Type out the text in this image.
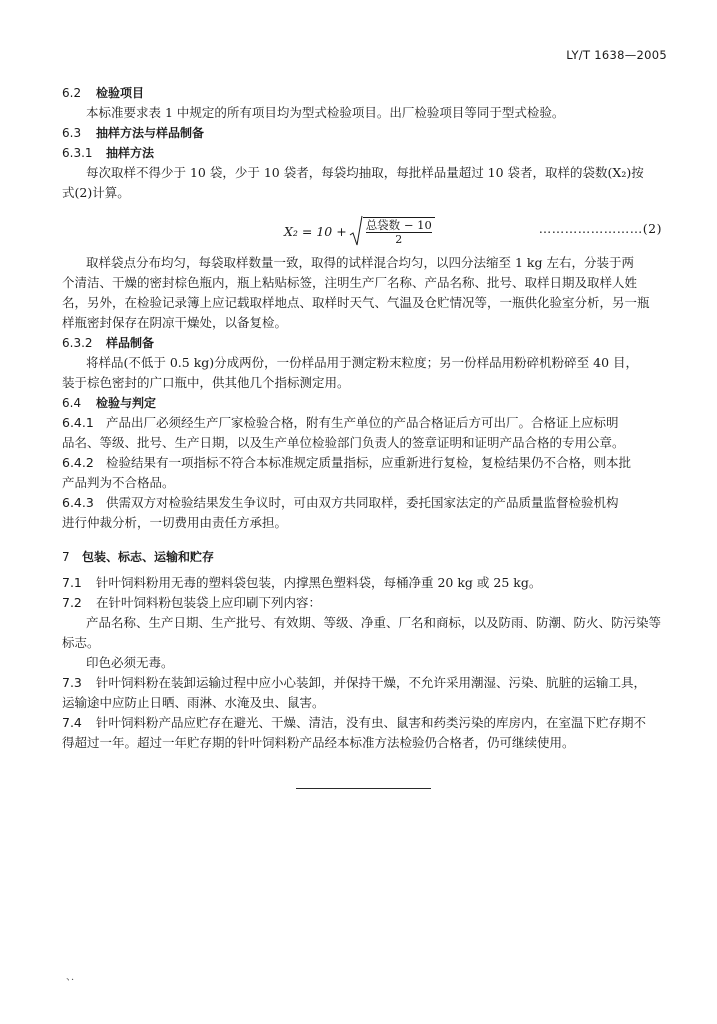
LY/T 1638—2005
6.2 检验项目
本标准要求表 1 中规定的所有项目均为型式检验项目。出厂检验项目等同于型式检验。
6.3 抽样方法与样品制备
6.3.1 抽样方法
每次取样不得少于 10 袋，少于 10 袋者，每袋均抽取，每批样品量超过 10 袋者，取样的袋数(X₂)按
式(2)计算。
$X_2 = 10 + \frac{\text{总袋数 − 10}}{2}$	……………………(2)
取样袋点分布均匀，每袋取样数量一致，取得的试样混合均匀，以四分法缩至 1 kg 左右，分装于两
个清洁、干燥的密封棕色瓶内，瓶上粘贴标签，注明生产厂名称、产品名称、批号、取样日期及取样人姓
名，另外，在检验记录簿上应记载取样地点、取样时天气、气温及仓贮情况等，一瓶供化验室分析，另一瓶
样瓶密封保存在阴凉干燥处，以备复检。
6.3.2 样品制备
将样品(不低于 0.5 kg)分成两份，一份样品用于测定粉末粒度；另一份样品用粉碎机粉碎至 40 目，
装于棕色密封的广口瓶中，供其他几个指标测定用。
6.4 检验与判定
6.4.1 产品出厂必须经生产厂家检验合格，附有生产单位的产品合格证后方可出厂。合格证上应标明
品名、等级、批号、生产日期，以及生产单位检验部门负责人的签章证明和证明产品合格的专用公章。
6.4.2 检验结果有一项指标不符合本标准规定质量指标，应重新进行复检，复检结果仍不合格，则本批
产品判为不合格品。
6.4.3 供需双方对检验结果发生争议时，可由双方共同取样，委托国家法定的产品质量监督检验机构
进行仲裁分析，一切费用由责任方承担。
7 包装、标志、运输和贮存
7.1 针叶饲料粉用无毒的塑料袋包装，内撑黑色塑料袋，每桶净重 20 kg 或 25 kg。
7.2 在针叶饲料粉包装袋上应印刷下列内容：
产品名称、生产日期、生产批号、有效期、等级、净重、厂名和商标，以及防雨、防潮、防火、防污染等
标志。
印色必须无毒。
7.3 针叶饲料粉在装卸运输过程中应小心装卸，并保持干燥，不允许采用潮湿、污染、肮脏的运输工具，
运输途中应防止日晒、雨淋、水淹及虫、鼠害。
7.4 针叶饲料粉产品应贮存在避光、干燥、清洁，没有虫、鼠害和药类污染的库房内，在室温下贮存期不
得超过一年。超过一年贮存期的针叶饲料粉产品经本标准方法检验仍合格者，仍可继续使用。
、．
